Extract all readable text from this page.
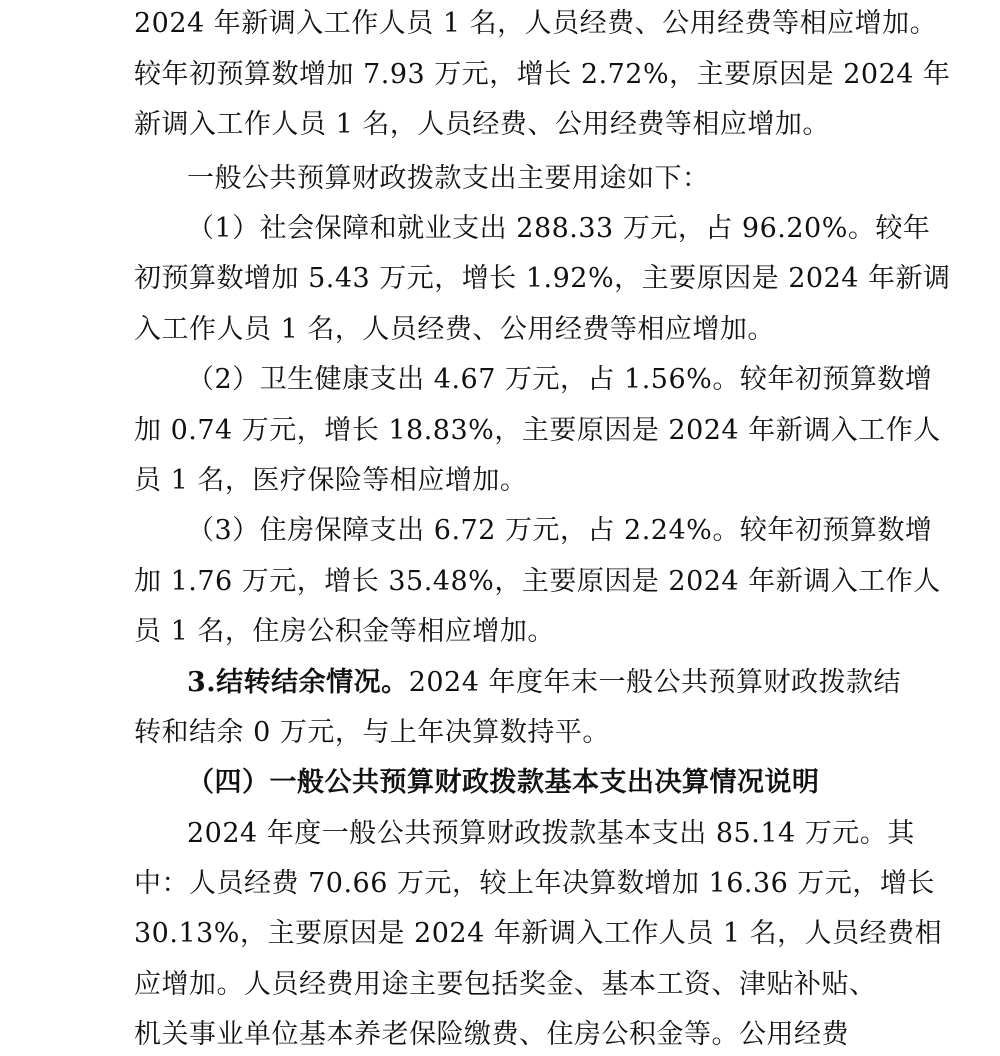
2024 年新调入工作人员 1 名，人员经费、公用经费等相应增加。
较年初预算数增加 7.93 万元，增长 2.72%，主要原因是 2024 年
新调入工作人员 1 名，人员经费、公用经费等相应增加。
一般公共预算财政拨款支出主要用途如下：
（1）社会保障和就业支出 288.33 万元，占 96.20%。较年
初预算数增加 5.43 万元，增长 1.92%，主要原因是 2024 年新调
入工作人员 1 名，人员经费、公用经费等相应增加。
（2）卫生健康支出 4.67 万元，占 1.56%。较年初预算数增
加 0.74 万元，增长 18.83%，主要原因是 2024 年新调入工作人
员 1 名，医疗保险等相应增加。
（3）住房保障支出 6.72 万元，占 2.24%。较年初预算数增
加 1.76 万元，增长 35.48%，主要原因是 2024 年新调入工作人
员 1 名，住房公积金等相应增加。
3.结转结余情况。2024 年度年末一般公共预算财政拨款结
转和结余 0 万元，与上年决算数持平。
（四）一般公共预算财政拨款基本支出决算情况说明
2024 年度一般公共预算财政拨款基本支出 85.14 万元。其
中：人员经费 70.66 万元，较上年决算数增加 16.36 万元，增长
30.13%，主要原因是 2024 年新调入工作人员 1 名，人员经费相
应增加。人员经费用途主要包括奖金、基本工资、津贴补贴、
机关事业单位基本养老保险缴费、住房公积金等。公用经费
